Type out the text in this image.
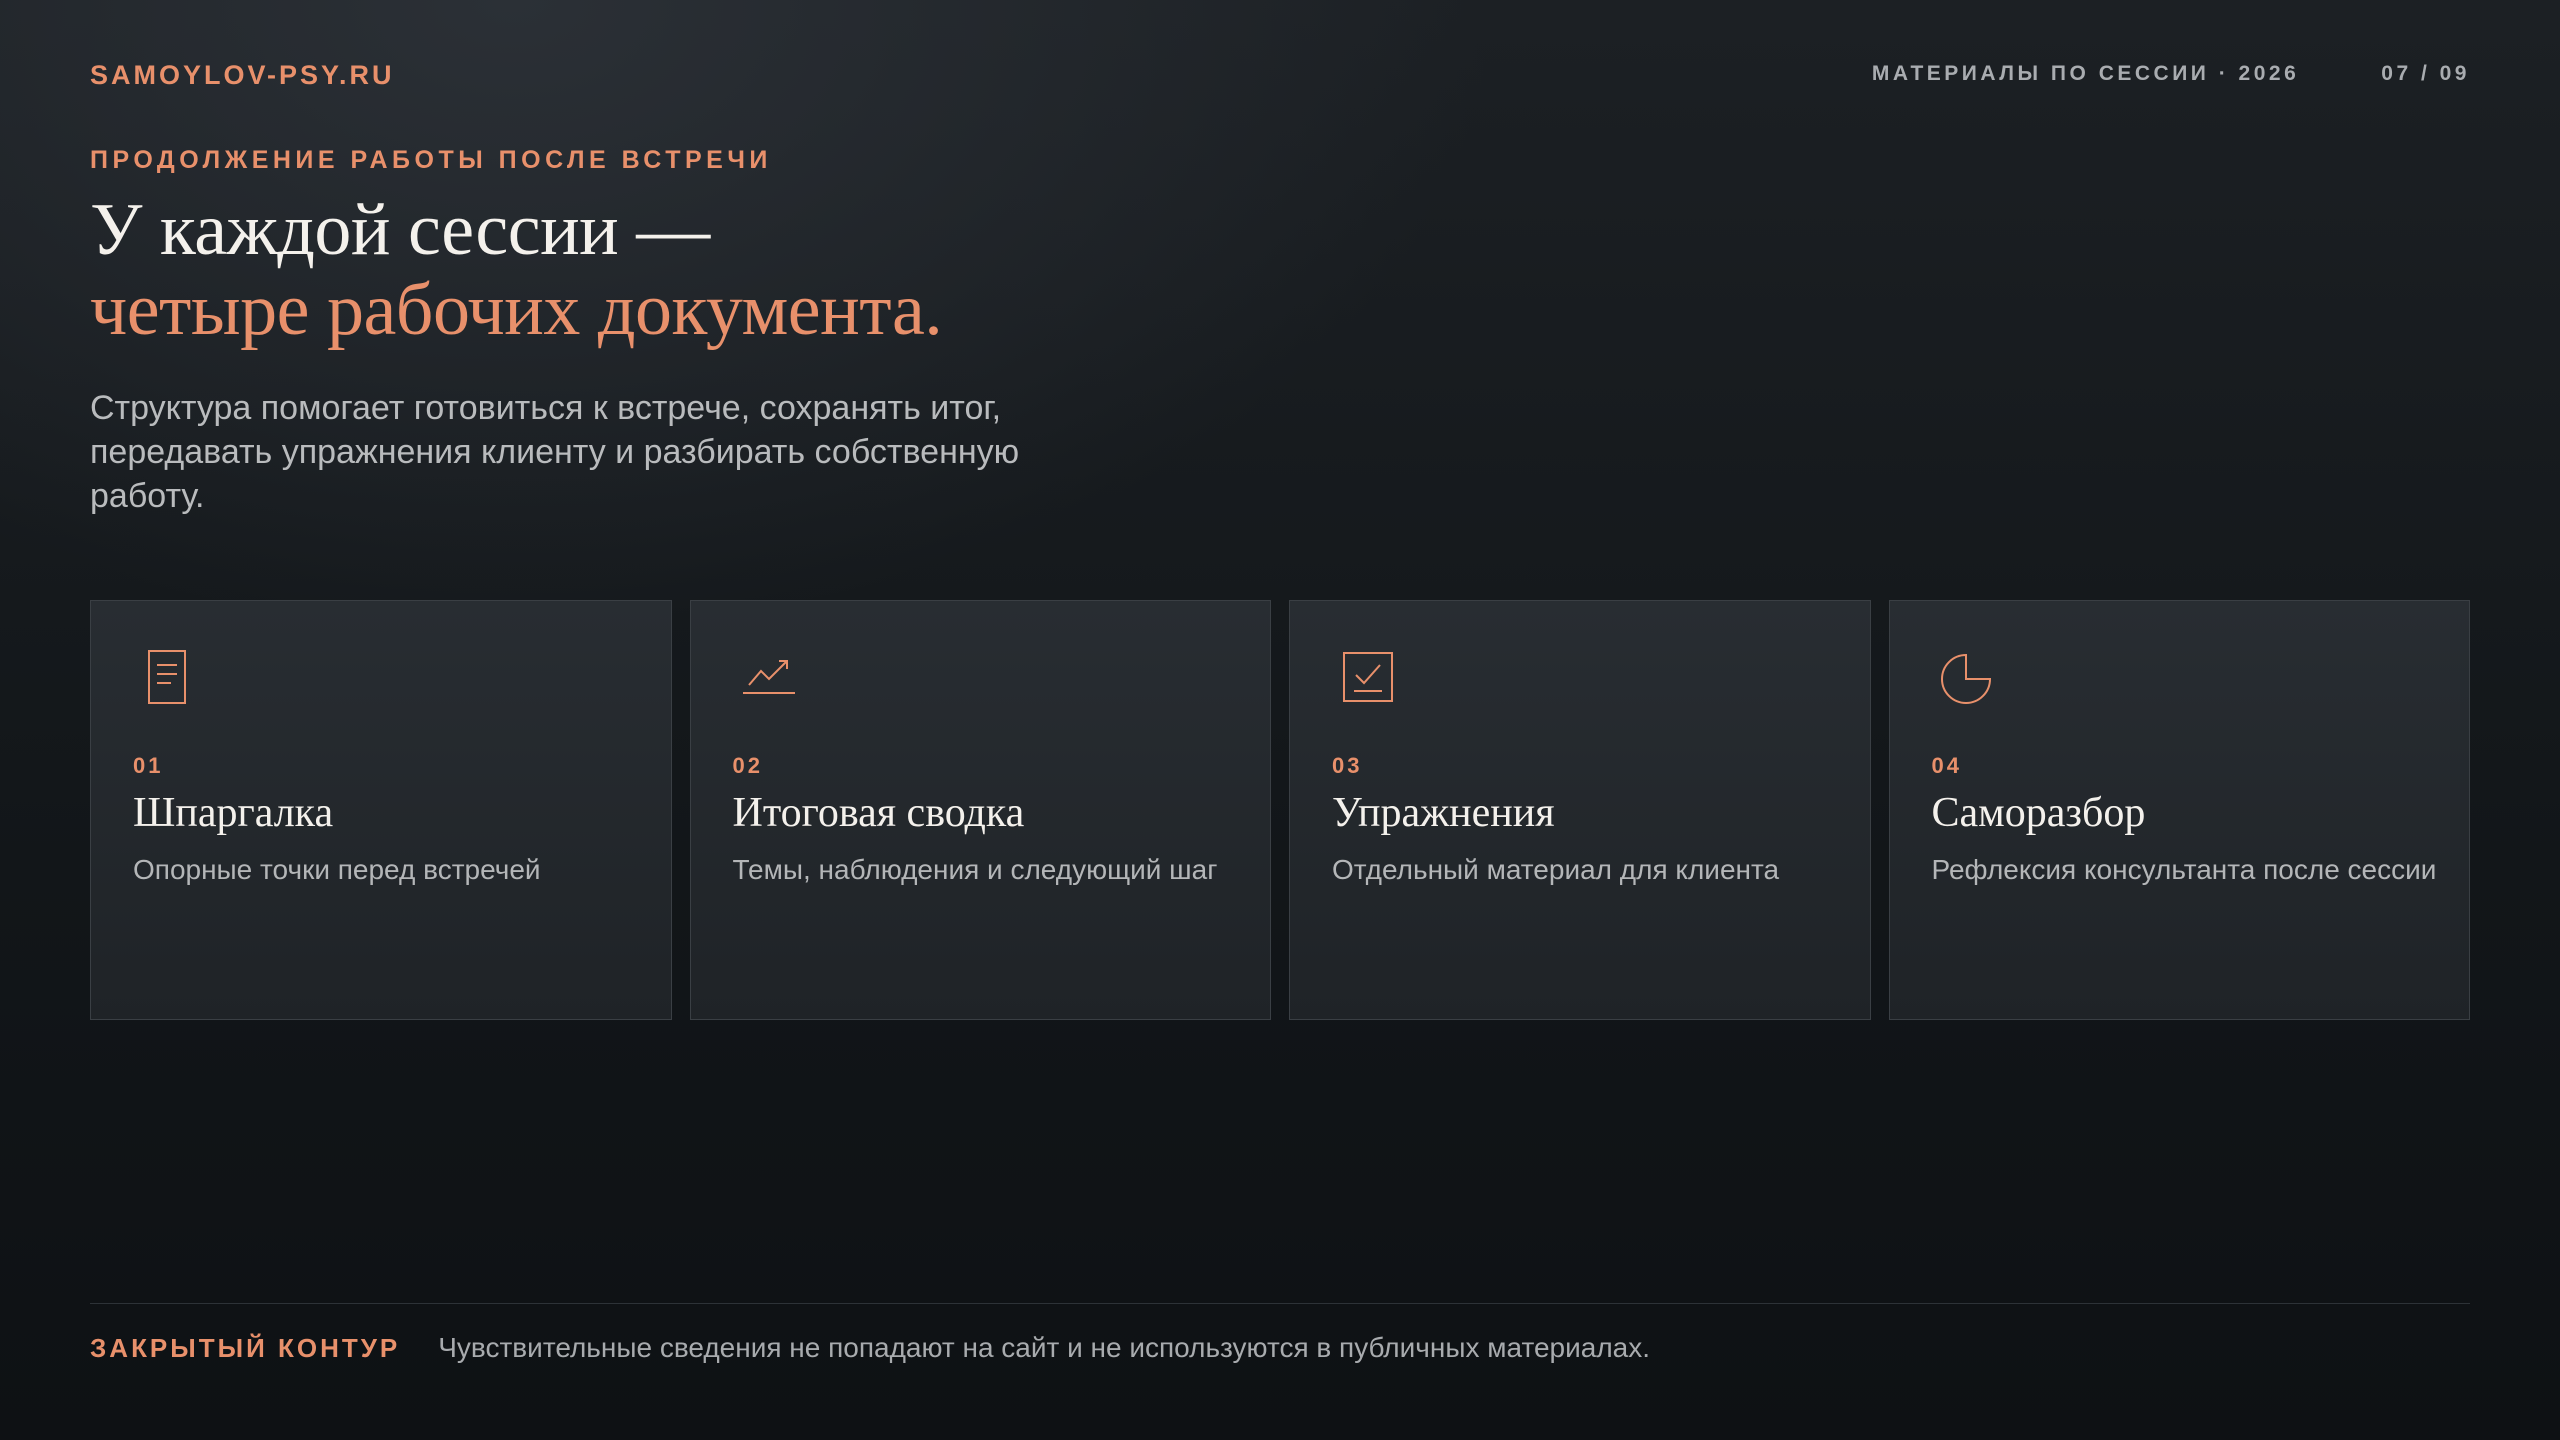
SAMOYLOV-PSY.RU	МАТЕРИАЛЫ ПО СЕССИИ · 2026	07 / 09
ПРОДОЛЖЕНИЕ РАБОТЫ ПОСЛЕ ВСТРЕЧИ
У каждой сессии —
четыре рабочих документа.

Структура помогает готовиться к встрече, сохранять итог, передавать упражнения клиенту и разбирать собственную работу.

01
Шпаргалка
Опорные точки перед встречей
02
Итоговая сводка
Темы, наблюдения и следующий шаг
03
Упражнения
Отдельный материал для клиента
04
Саморазбор
Рефлексия консультанта после сессии
ЗАКРЫТЫЙ КОНТУР Чувствительные сведения не попадают на сайт и не используются в публичных материалах.
